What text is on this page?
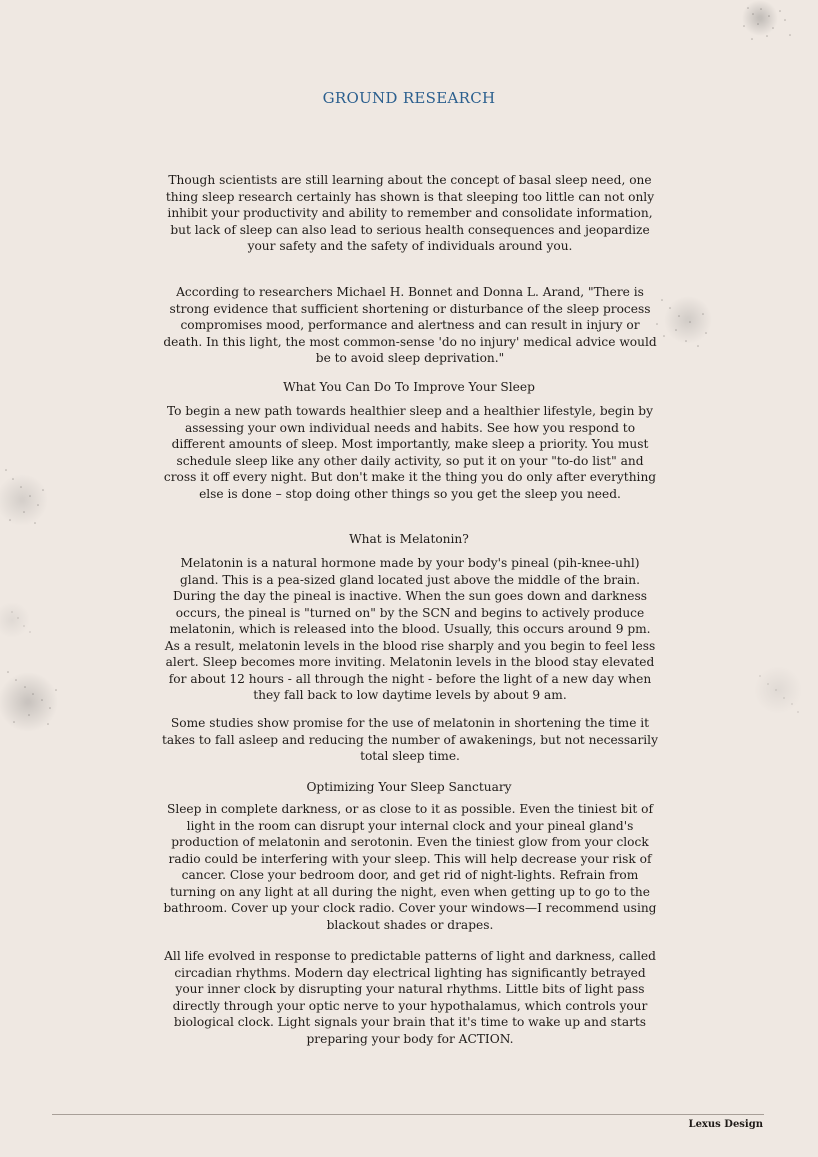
GROUND RESEARCH
Though scientists are still learning about the concept of basal sleep need, one thing sleep research certainly has shown is that sleeping too little can not only inhibit your productivity and ability to remember and consolidate information, but lack of sleep can also lead to serious health consequences and jeopardize your safety and the safety of individuals around you.
According to researchers Michael H. Bonnet and Donna L. Arand, "There is strong evidence that sufficient shortening or disturbance of the sleep process compromises mood, performance and alertness and can result in injury or death. In this light, the most common-sense 'do no injury' medical advice would be to avoid sleep deprivation."
What You Can Do To Improve Your Sleep
To begin a new path towards healthier sleep and a healthier lifestyle, begin by assessing your own individual needs and habits. See how you respond to different amounts of sleep. Most importantly, make sleep a priority. You must schedule sleep like any other daily activity, so put it on your "to-do list" and cross it off every night. But don't make it the thing you do only after everything else is done – stop doing other things so you get the sleep you need.
What is Melatonin?
Melatonin is a natural hormone made by your body's pineal (pih-knee-uhl) gland. This is a pea-sized gland located just above the middle of the brain. During the day the pineal is inactive. When the sun goes down and darkness occurs, the pineal is "turned on" by the SCN and begins to actively produce melatonin, which is released into the blood. Usually, this occurs around 9 pm. As a result, melatonin levels in the blood rise sharply and you begin to feel less alert. Sleep becomes more inviting. Melatonin levels in the blood stay elevated for about 12 hours - all through the night - before the light of a new day when they fall back to low daytime levels by about 9 am.
Some studies show promise for the use of melatonin in shortening the time it takes to fall asleep and reducing the number of awakenings, but not necessarily total sleep time.
Optimizing Your Sleep Sanctuary
Sleep in complete darkness, or as close to it as possible. Even the tiniest bit of light in the room can disrupt your internal clock and your pineal gland's production of melatonin and serotonin. Even the tiniest glow from your clock radio could be interfering with your sleep. This will help decrease your risk of cancer. Close your bedroom door, and get rid of night-lights. Refrain from turning on any light at all during the night, even when getting up to go to the bathroom. Cover up your clock radio. Cover your windows—I recommend using blackout shades or drapes.
All life evolved in response to predictable patterns of light and darkness, called circadian rhythms. Modern day electrical lighting has significantly betrayed your inner clock by disrupting your natural rhythms. Little bits of light pass directly through your optic nerve to your hypothalamus, which controls your biological clock. Light signals your brain that it's time to wake up and starts preparing your body for ACTION.
Lexus Design
